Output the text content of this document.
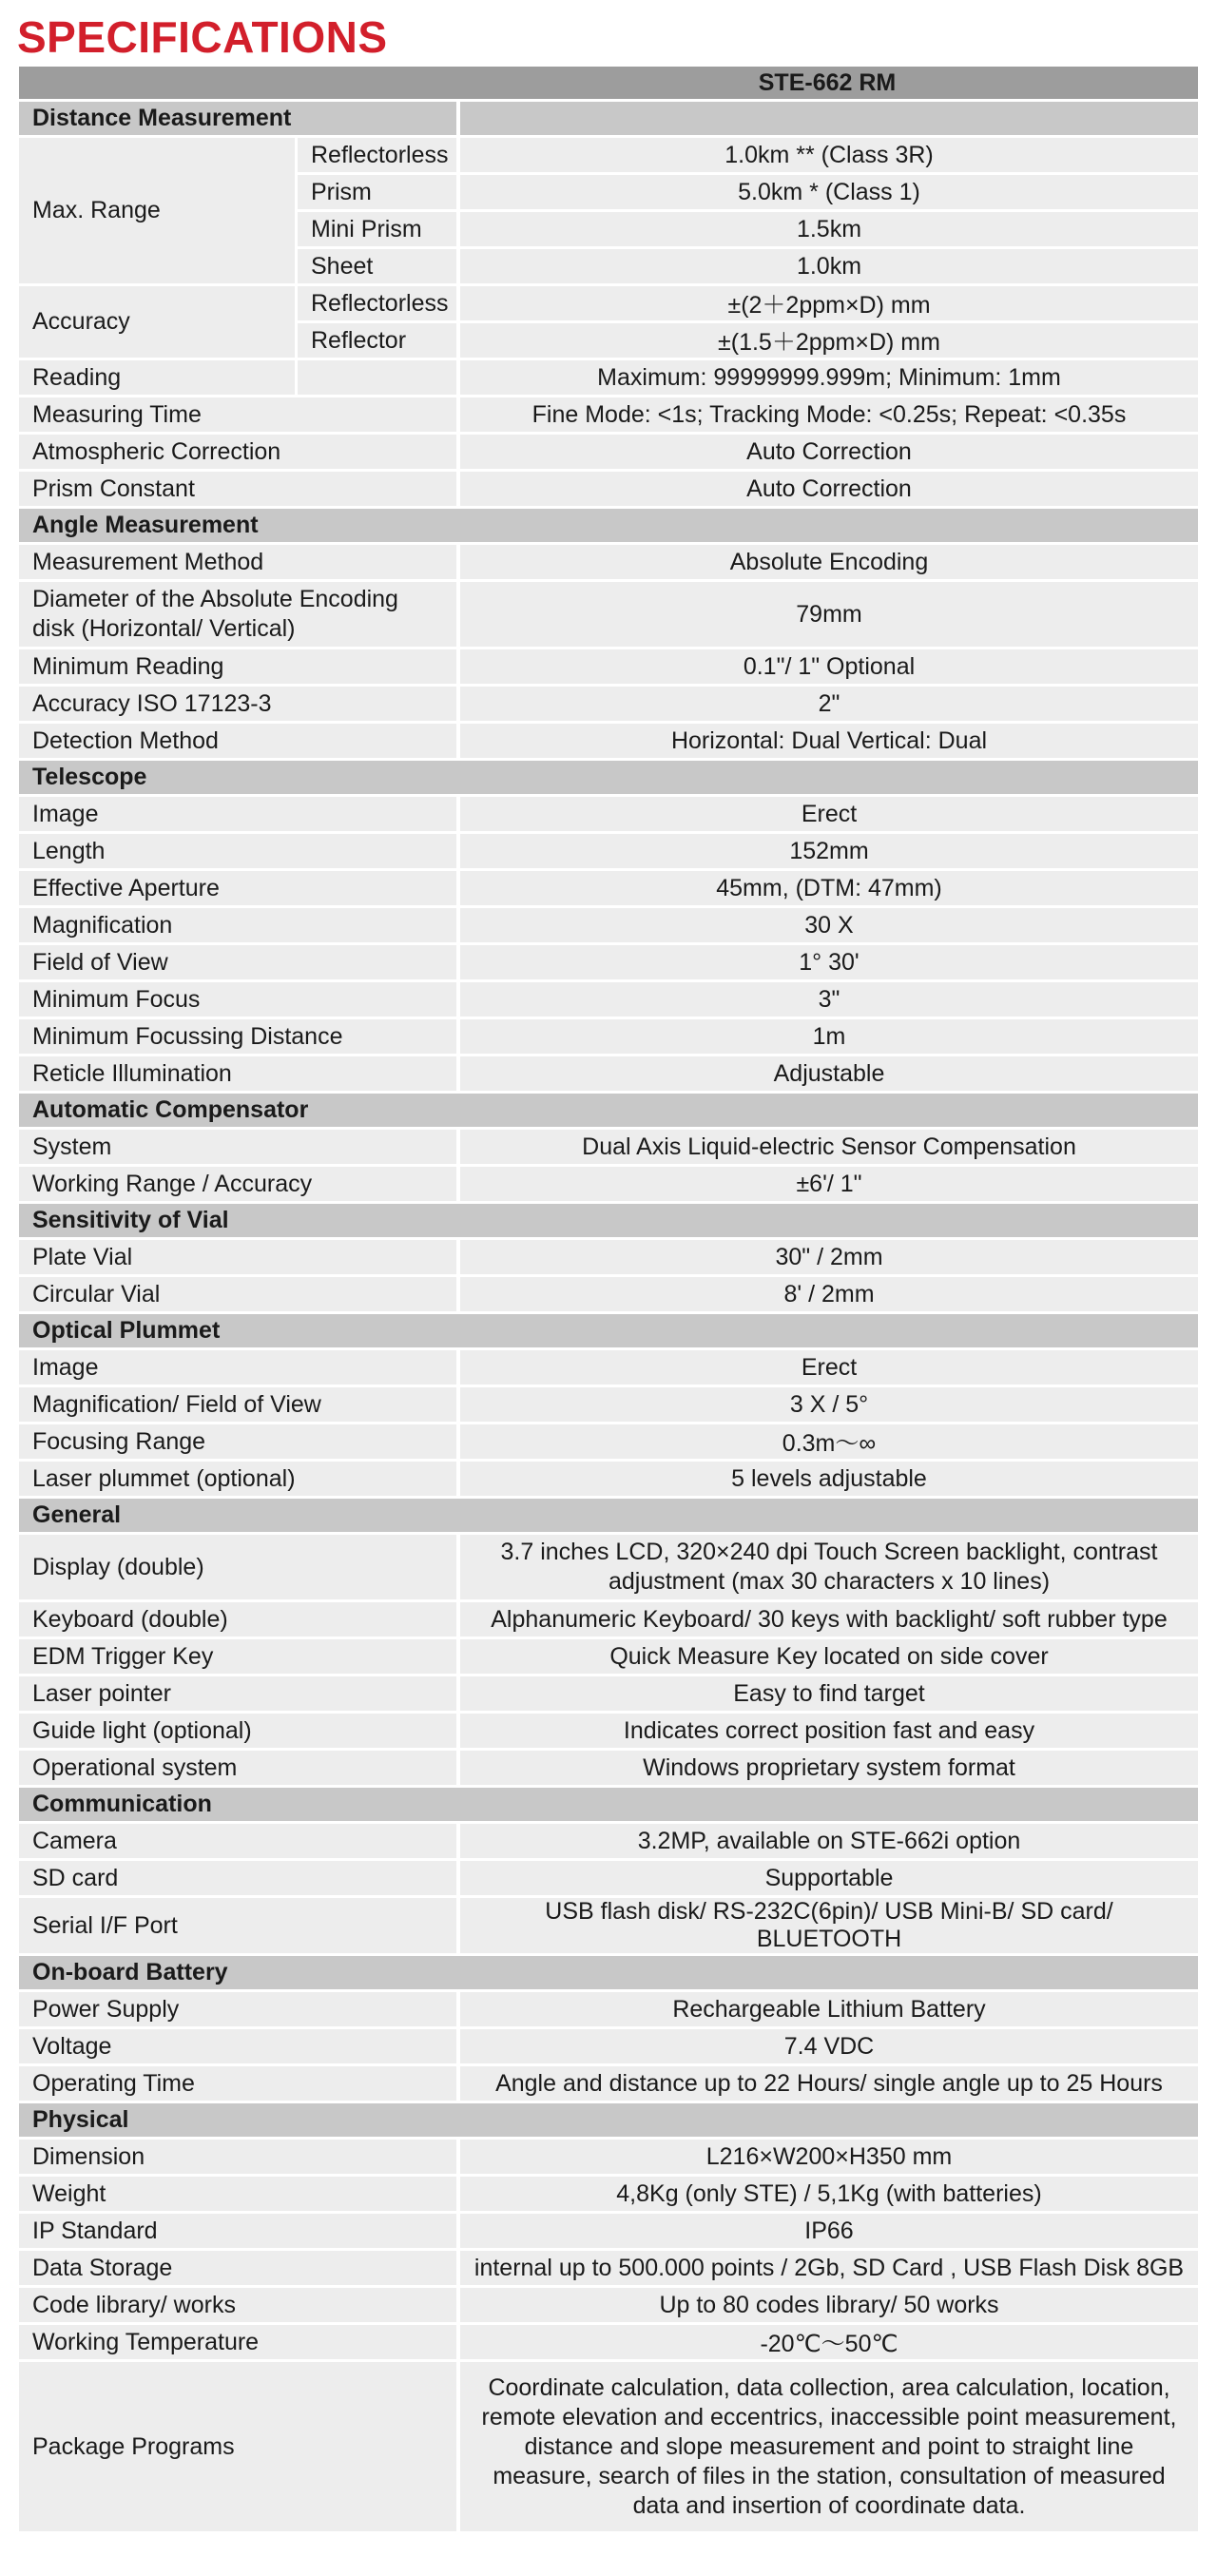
SPECIFICATIONS
		STE-662 RM
Distance Measurement		
Max. Range	Reflectorless	1.0km ** (Class 3R)
	Prism	5.0km * (Class 1)
	Mini Prism	1.5km
	Sheet	1.0km
Accuracy	Reflectorless	±(2＋2ppm×D) mm
	Reflector	±(1.5＋2ppm×D) mm
Reading		Maximum: 99999999.999m; Minimum: 1mm
Measuring Time		Fine Mode: <1s; Tracking Mode: <0.25s; Repeat: <0.35s
Atmospheric Correction		Auto Correction
Prism Constant		Auto Correction
Angle Measurement		
Measurement Method		Absolute Encoding
Diameter of the Absolute Encoding disk (Horizontal/ Vertical)		79mm
Minimum Reading		0.1"/ 1" Optional
Accuracy ISO 17123-3		2"
Detection Method		Horizontal: Dual Vertical: Dual
Telescope		
Image		Erect
Length		152mm
Effective Aperture		45mm, (DTM: 47mm)
Magnification		30 X
Field of View		1° 30'
Minimum Focus		3"
Minimum Focussing Distance		1m
Reticle Illumination		Adjustable
Automatic Compensator		
System		Dual Axis Liquid-electric Sensor Compensation
Working Range / Accuracy		±6'/ 1"
Sensitivity of Vial		
Plate Vial		30" / 2mm
Circular Vial		8' / 2mm
Optical Plummet		
Image		Erect
Magnification/ Field of View		3 X / 5°
Focusing Range		0.3m～∞
Laser plummet (optional)		5 levels adjustable
General		
Display (double)		3.7 inches LCD, 320×240 dpi Touch Screen backlight, contrast adjustment (max 30 characters x 10 lines)
Keyboard (double)		Alphanumeric Keyboard/ 30 keys with backlight/ soft rubber type
EDM Trigger Key		Quick Measure Key located on side cover
Laser pointer		Easy to find target
Guide light (optional)		Indicates correct position fast and easy
Operational system		Windows proprietary system format
Communication		
Camera		3.2MP, available on STE-662i option
SD card		Supportable
Serial I/F Port		USB flash disk/ RS-232C(6pin)/ USB Mini-B/ SD card/ BLUETOOTH
On-board Battery		
Power Supply		Rechargeable Lithium Battery
Voltage		7.4 VDC
Operating Time		Angle and distance up to 22 Hours/ single angle up to 25 Hours
Physical		
Dimension		L216×W200×H350 mm
Weight		4,8Kg (only STE) / 5,1Kg (with batteries)
IP Standard		IP66
Data Storage		internal up to 500.000 points / 2Gb, SD Card , USB Flash Disk 8GB
Code library/ works		Up to 80 codes library/ 50 works
Working Temperature		-20℃～50℃
Package Programs		Coordinate calculation, data collection, area calculation, location, remote elevation and eccentrics, inaccessible point measurement, distance and slope measurement and point to straight line measure, search of files in the station, consultation of measured data and insertion of coordinate data.
